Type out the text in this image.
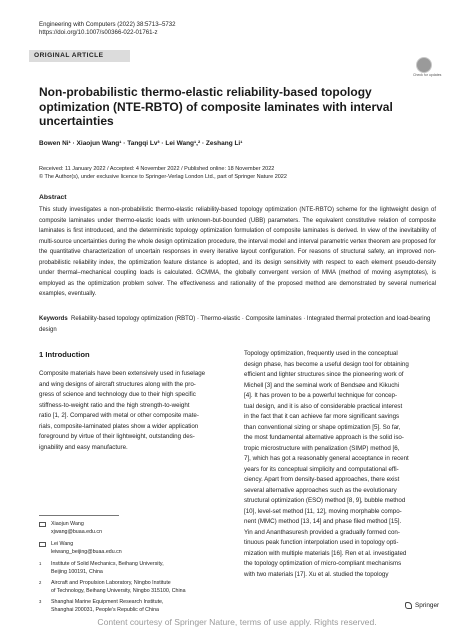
Engineering with Computers (2022) 38:5713–5732
https://doi.org/10.1007/s00366-022-01761-z
ORIGINAL ARTICLE
Check for updates
Non-probabilistic thermo-elastic reliability-based topology
optimization (NTE-RBTO) of composite laminates with interval
uncertainties
Bowen Ni¹ · Xiaojun Wang¹ · Tangqi Lv³ · Lei Wang¹,² · Zeshang Li¹
Received: 11 January 2022 / Accepted: 4 November 2022 / Published online: 18 November 2022
© The Author(s), under exclusive licence to Springer-Verlag London Ltd., part of Springer Nature 2022
Abstract
This study investigates a non-probabilistic thermo-elastic reliability-based topology optimization (NTE-RBTO) scheme for the lightweight design of composite laminates under thermo-elastic loads with unknown-but-bounded (UBB) parameters. The equivalent constitutive relation of composite laminates is first introduced, and the deterministic topology optimization formulation of composite laminates is derived. In view of the inevitability of multi-source uncertainties during the whole design optimization procedure, the interval model and interval parametric vertex theorem are proposed for the quantitative characterization of uncertain responses in every iterative layout configuration. For reasons of structural safety, an improved non-probabilistic reliability index, the optimization feature distance is adopted, and its design sensitivity with respect to each element pseudo-density under thermal–mechanical coupling loads is calculated. GCMMA, the globally convergent version of MMA (method of moving asymptotes), is employed as the optimization problem solver. The effectiveness and rationality of the proposed method are demonstrated by several numerical examples, eventually.
Keywords Reliability-based topology optimization (RBTO) · Thermo-elastic · Composite laminates · Integrated thermal protection and load-bearing design
1 Introduction
Composite materials have been extensively used in fuselage
and wing designs of aircraft structures along with the pro-
gress of science and technology due to their high specific
stiffness-to-weight ratio and the high strength-to-weight
ratio [1, 2]. Compared with metal or other composite mate-
rials, composite-laminated plates show a wider application
foreground by virtue of their lightweight, outstanding des-
ignability and easy manufacture.
Topology optimization, frequently used in the conceptual
design phase, has become a useful design tool for obtaining
efficient and lighter structures since the pioneering work of
Michell [3] and the seminal work of Bendsøe and Kikuchi
[4]. It has proven to be a powerful technique for concep-
tual design, and it is also of considerable practical interest
in the fact that it can achieve far more significant savings
than conventional sizing or shape optimization [5]. So far,
the most fundamental alternative approach is the solid iso-
tropic microstructure with penalization (SIMP) method [6,
7], which has got a reasonably general acceptance in recent
years for its conceptual simplicity and computational effi-
ciency. Apart from density-based approaches, there exist
several alternative approaches such as the evolutionary
structural optimization (ESO) method [8, 9], bubble method
[10], level-set method [11, 12], moving morphable compo-
nent (MMC) method [13, 14] and phase filed method [15].
Yin and Ananthasuresh provided a gradually formed con-
tinuous peak function interpolation used in topology opti-
mization with multiple materials [16]. Ren et al. investigated
the topology optimization of micro-compliant mechanisms
with two materials [17]. Xu et al. studied the topology
Xiaojun Wang
xjwang@buaa.edu.cn
Lei Wang
leiwang_beijing@buaa.edu.cn
1	Institute of Solid Mechanics, Beihang University,
Beijing 100191, China
2	Aircraft and Propulsion Laboratory, Ningbo Institute
of Technology, Beihang University, Ningbo 315100, China
3	Shanghai Marine Equipment Research Institute,
Shanghai 200031, People’s Republic of China
Springer
Content courtesy of Springer Nature, terms of use apply. Rights reserved.
